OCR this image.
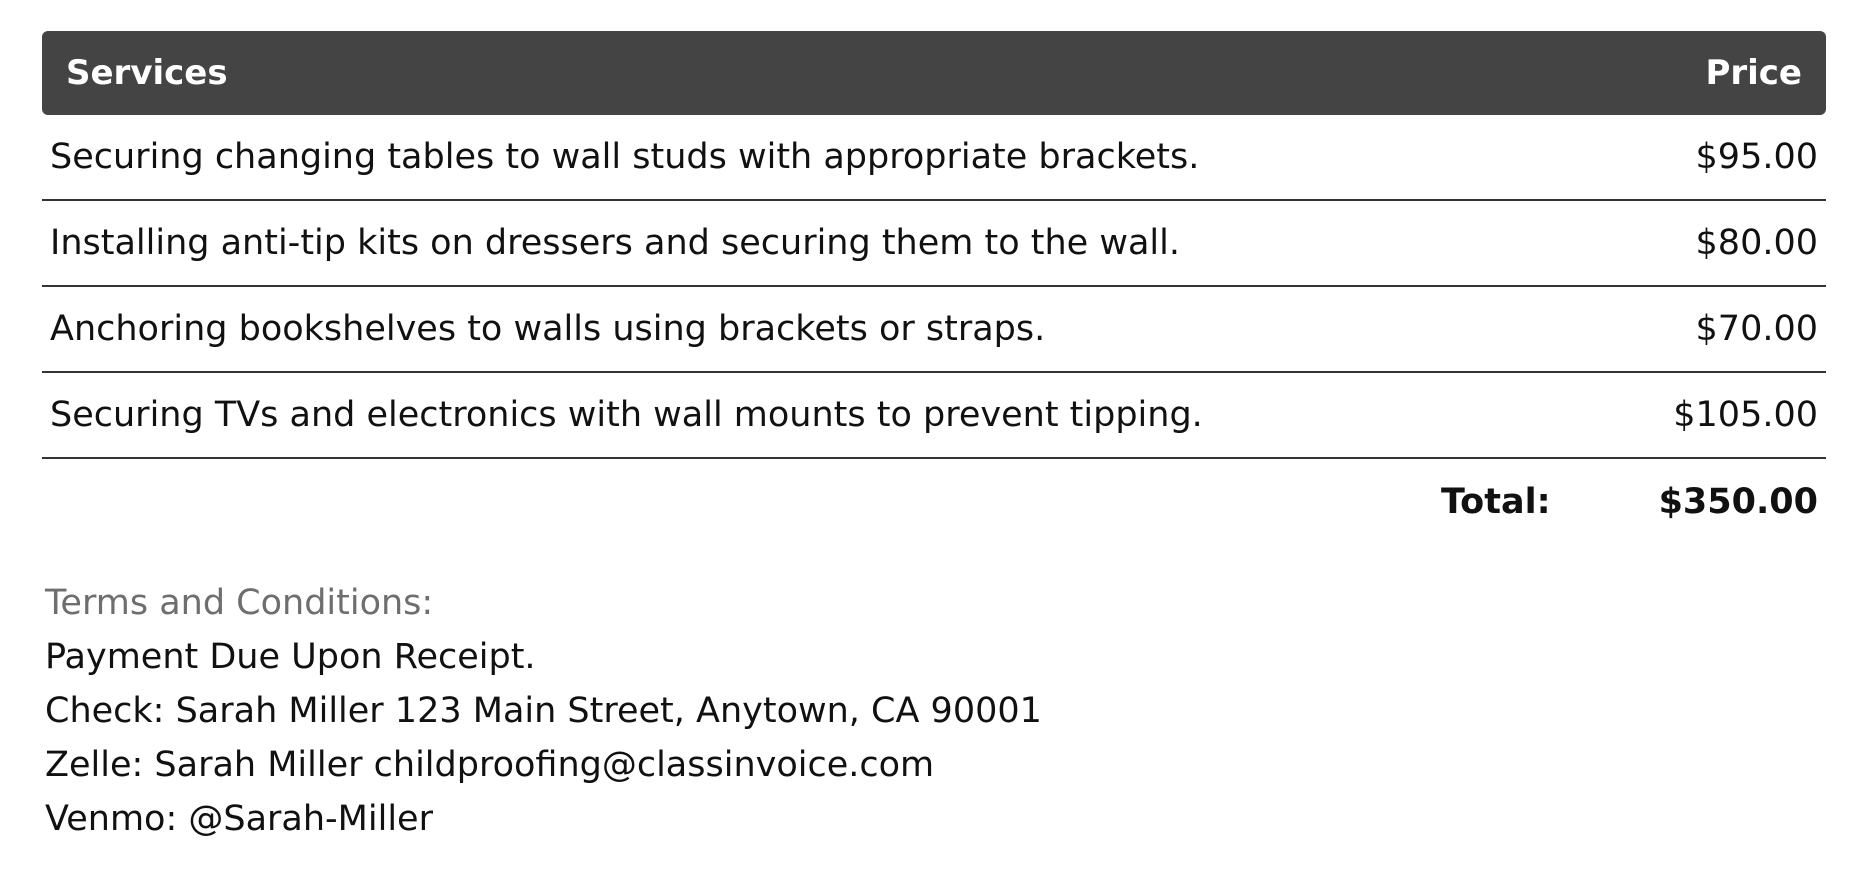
Services	Price
Securing changing tables to wall studs with appropriate brackets.	$95.00
Installing anti-tip kits on dressers and securing them to the wall.	$80.00
Anchoring bookshelves to walls using brackets or straps.	$70.00
Securing TVs and electronics with wall mounts to prevent tipping.	$105.00
Total:	$350.00
Terms and Conditions:
Payment Due Upon Receipt.
Check: Sarah Miller 123 Main Street, Anytown, CA 90001
Zelle: Sarah Miller childproofing@classinvoice.com
Venmo: @Sarah-Miller
